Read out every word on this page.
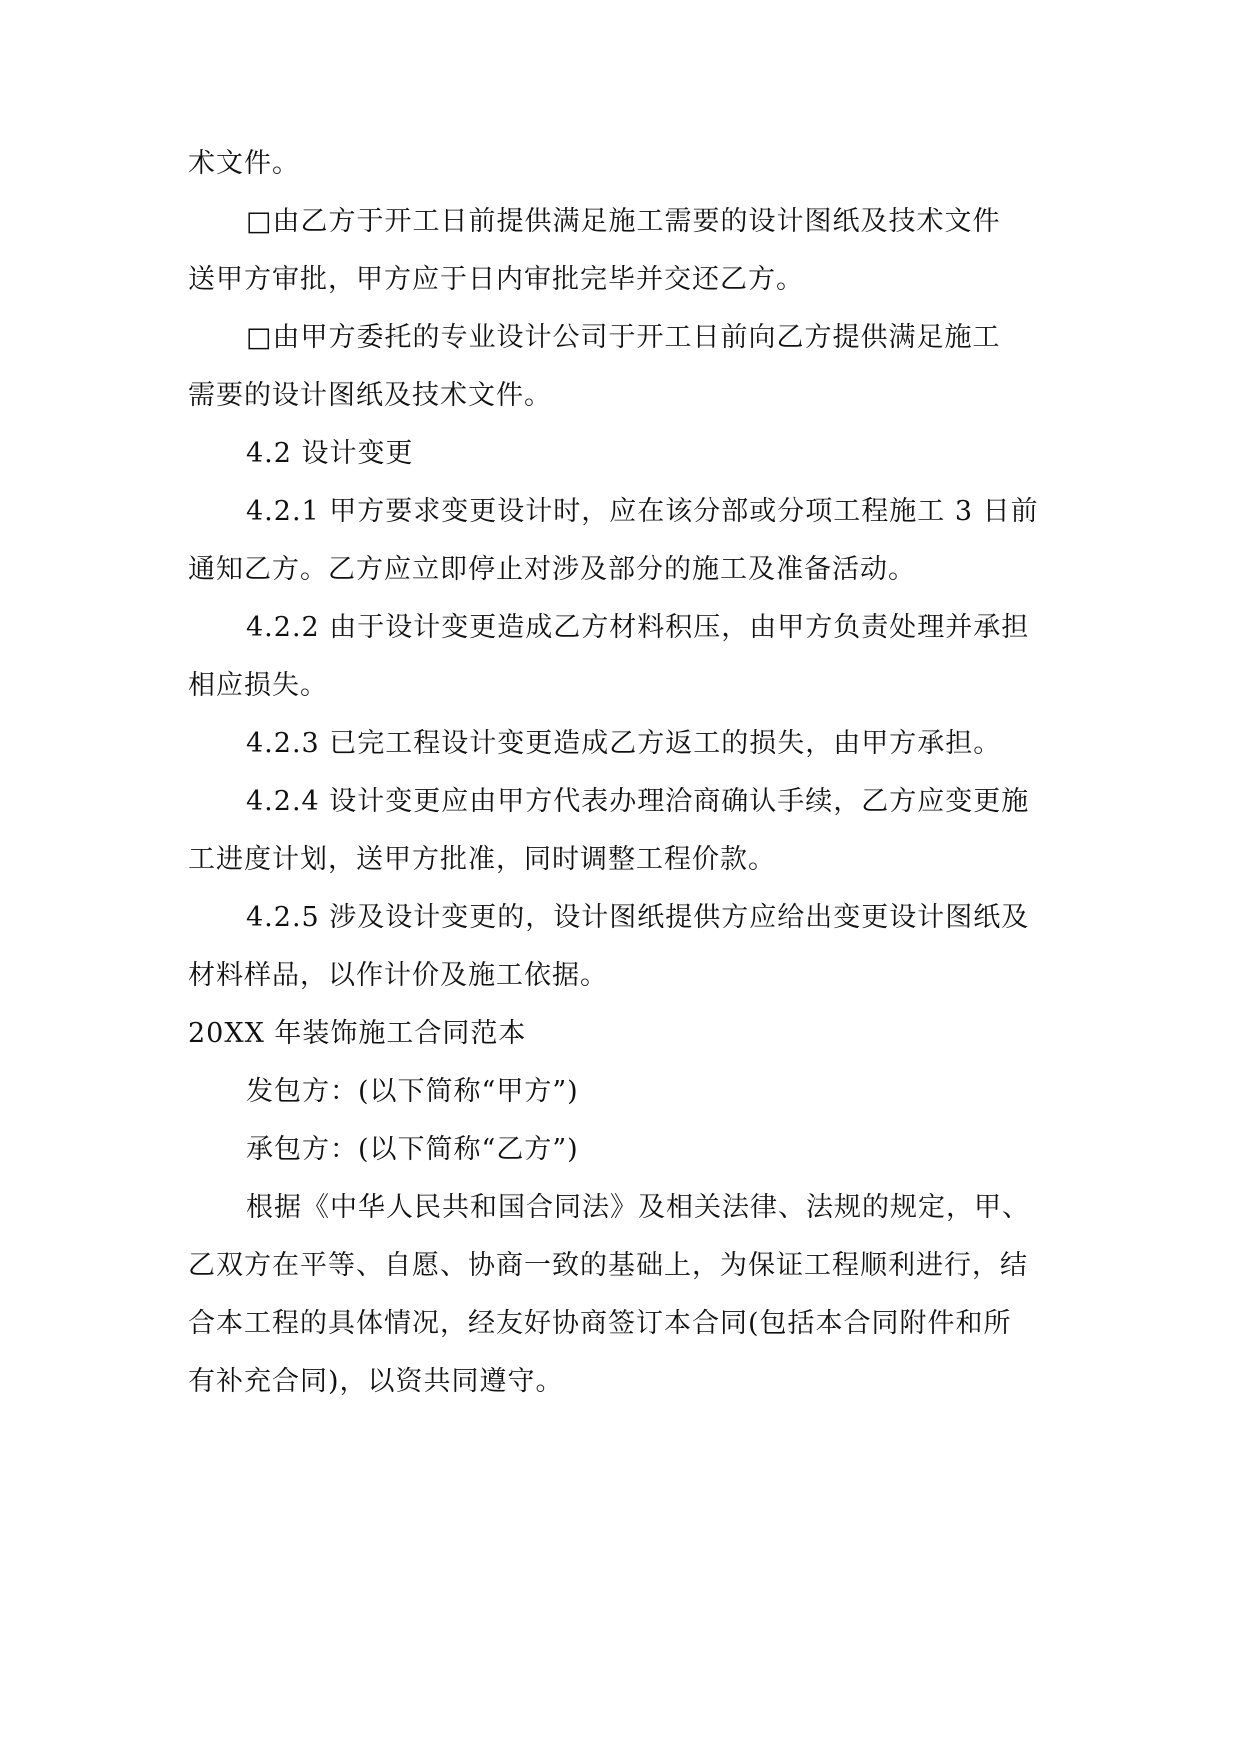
术文件。
□由乙方于开工日前提供满足施工需要的设计图纸及技术文件
送甲方审批，甲方应于日内审批完毕并交还乙方。
□由甲方委托的专业设计公司于开工日前向乙方提供满足施工
需要的设计图纸及技术文件。
4.2 设计变更
4.2.1 甲方要求变更设计时，应在该分部或分项工程施工 3 日前
通知乙方。乙方应立即停止对涉及部分的施工及准备活动。
4.2.2 由于设计变更造成乙方材料积压，由甲方负责处理并承担
相应损失。
4.2.3 已完工程设计变更造成乙方返工的损失，由甲方承担。
4.2.4 设计变更应由甲方代表办理洽商确认手续，乙方应变更施
工进度计划，送甲方批准，同时调整工程价款。
4.2.5 涉及设计变更的，设计图纸提供方应给出变更设计图纸及
材料样品，以作计价及施工依据。
20XX 年装饰施工合同范本
发包方：(以下简称“甲方”)
承包方：(以下简称“乙方”)
根据《中华人民共和国合同法》及相关法律、法规的规定，甲、
乙双方在平等、自愿、协商一致的基础上，为保证工程顺利进行，结
合本工程的具体情况，经友好协商签订本合同(包括本合同附件和所
有补充合同)，以资共同遵守。
